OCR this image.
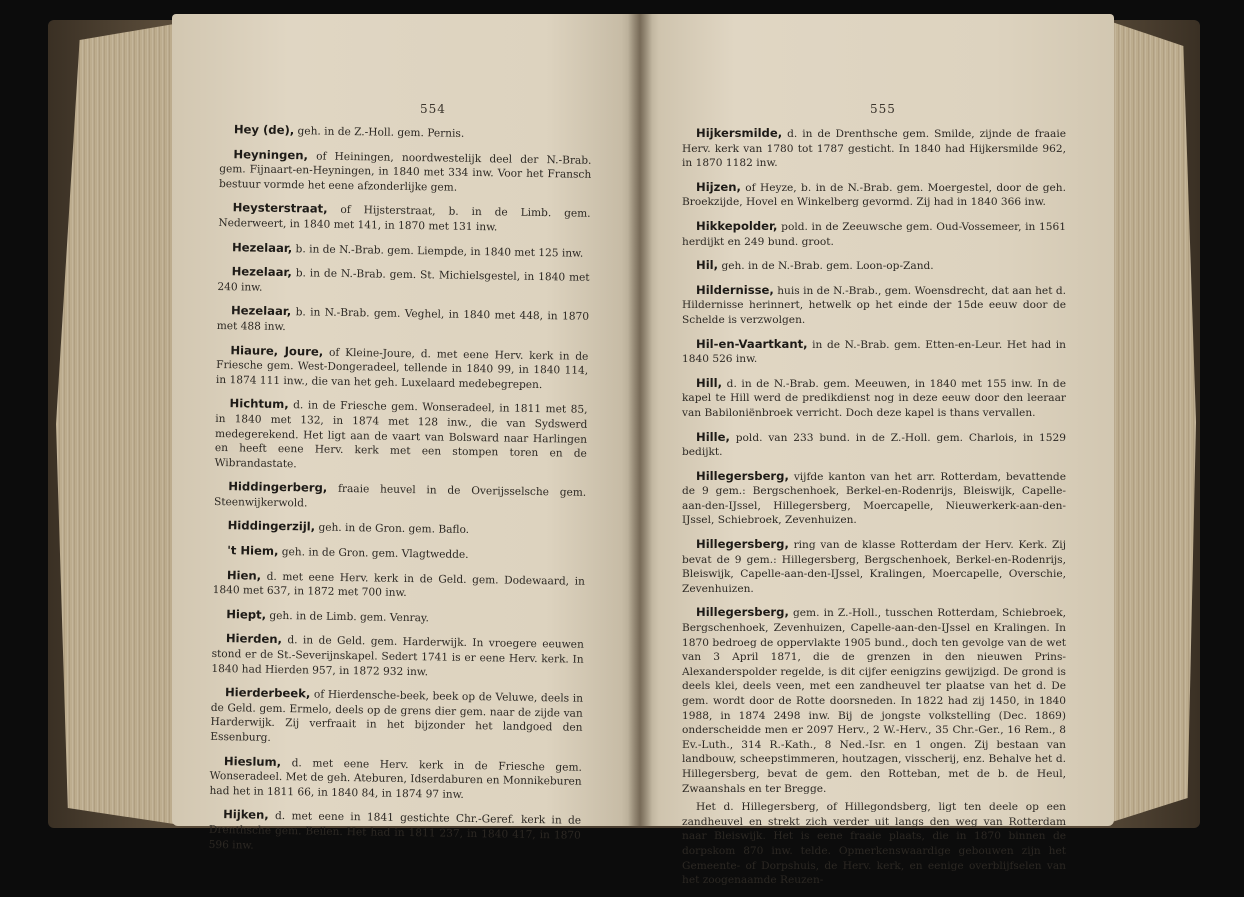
554

Hey (de), geh. in de Z.-Holl. gem. Pernis.

Heyningen, of Heiningen, noordwestelijk deel der N.-Brab. gem. Fijnaart-en-Heyningen, in 1840 met 334 inw. Voor het Fransch bestuur vormde het eene afzonderlijke gem.

Heysterstraat, of Hijsterstraat, b. in de Limb. gem. Nederweert, in 1840 met 141, in 1870 met 131 inw.

Hezelaar, b. in de N.-Brab. gem. Liempde, in 1840 met 125 inw.

Hezelaar, b. in de N.-Brab. gem. St. Michielsgestel, in 1840 met 240 inw.

Hezelaar, b. in N.-Brab. gem. Veghel, in 1840 met 448, in 1870 met 488 inw.

Hiaure, Joure, of Kleine-Joure, d. met eene Herv. kerk in de Friesche gem. West-Dongeradeel, tellende in 1840 99, in 1840 114, in 1874 111 inw., die van het geh. Luxelaard medebegrepen.

Hichtum, d. in de Friesche gem. Wonseradeel, in 1811 met 85, in 1840 met 132, in 1874 met 128 inw., die van Sydswerd medegerekend. Het ligt aan de vaart van Bolsward naar Harlingen en heeft eene Herv. kerk met een stompen toren en de Wibrandastate.

Hiddingerberg, fraaie heuvel in de Overijsselsche gem. Steenwijkerwold.

Hiddingerzijl, geh. in de Gron. gem. Baflo.

't Hiem, geh. in de Gron. gem. Vlagtwedde.

Hien, d. met eene Herv. kerk in de Geld. gem. Dodewaard, in 1840 met 637, in 1872 met 700 inw.

Hiept, geh. in de Limb. gem. Venray.

Hierden, d. in de Geld. gem. Harderwijk. In vroegere eeuwen stond er de St.-Severijnskapel. Sedert 1741 is er eene Herv. kerk. In 1840 had Hierden 957, in 1872 932 inw.

Hierderbeek, of Hierdensche-beek, beek op de Veluwe, deels in de Geld. gem. Ermelo, deels op de grens dier gem. naar de zijde van Harderwijk. Zij verfraait in het bijzonder het landgoed den Essenburg.

Hieslum, d. met eene Herv. kerk in de Friesche gem. Wonseradeel. Met de geh. Ateburen, Idserdaburen en Monnikeburen had het in 1811 66, in 1840 84, in 1874 97 inw.

Hijken, d. met eene in 1841 gestichte Chr.-Geref. kerk in de Drenthsche gem. Beilen. Het had in 1811 237, in 1840 417, in 1870 596 inw.

555

Hijkersmilde, d. in de Drenthsche gem. Smilde, zijnde de fraaie Herv. kerk van 1780 tot 1787 gesticht. In 1840 had Hijkersmilde 962, in 1870 1182 inw.

Hijzen, of Heyze, b. in de N.-Brab. gem. Moergestel, door de geh. Broekzijde, Hovel en Winkelberg gevormd. Zij had in 1840 366 inw.

Hikkepolder, pold. in de Zeeuwsche gem. Oud-Vossemeer, in 1561 herdijkt en 249 bund. groot.

Hil, geh. in de N.-Brab. gem. Loon-op-Zand.

Hildernisse, huis in de N.-Brab., gem. Woensdrecht, dat aan het d. Hildernisse herinnert, hetwelk op het einde der 15de eeuw door de Schelde is verzwolgen.

Hil-en-Vaartkant, in de N.-Brab. gem. Etten-en-Leur. Het had in 1840 526 inw.

Hill, d. in de N.-Brab. gem. Meeuwen, in 1840 met 155 inw. In de kapel te Hill werd de predikdienst nog in deze eeuw door den leeraar van Babiloniënbroek verricht. Doch deze kapel is thans vervallen.

Hille, pold. van 233 bund. in de Z.-Holl. gem. Charlois, in 1529 bedijkt.

Hillegersberg, vijfde kanton van het arr. Rotterdam, bevattende de 9 gem.: Bergschenhoek, Berkel-en-Rodenrijs, Bleiswijk, Capelle-aan-den-IJssel, Hillegersberg, Moercapelle, Nieuwerkerk-aan-den-IJssel, Schiebroek, Zevenhuizen.

Hillegersberg, ring van de klasse Rotterdam der Herv. Kerk. Zij bevat de 9 gem.: Hillegersberg, Bergschenhoek, Berkel-en-Rodenrijs, Bleiswijk, Capelle-aan-den-IJssel, Kralingen, Moercapelle, Overschie, Zevenhuizen.

Hillegersberg, gem. in Z.-Holl., tusschen Rotterdam, Schiebroek, Bergschenhoek, Zevenhuizen, Capelle-aan-den-IJssel en Kralingen. In 1870 bedroeg de oppervlakte 1905 bund., doch ten gevolge van de wet van 3 April 1871, die de grenzen in den nieuwen Prins-Alexanderspolder regelde, is dit cijfer eenigzins gewijzigd. De grond is deels klei, deels veen, met een zandheuvel ter plaatse van het d. De gem. wordt door de Rotte doorsneden. In 1822 had zij 1450, in 1840 1988, in 1874 2498 inw. Bij de jongste volkstelling (Dec. 1869) onderscheidde men er 2097 Herv., 2 W.-Herv., 35 Chr.-Ger., 16 Rem., 8 Ev.-Luth., 314 R.-Kath., 8 Ned.-Isr. en 1 ongen. Zij bestaan van landbouw, scheepstimmeren, houtzagen, visscherij, enz. Behalve het d. Hillegersberg, bevat de gem. den Rotteban, met de b. de Heul, Zwaanshals en ter Bregge.

Het d. Hillegersberg, of Hillegondsberg, ligt ten deele op een zandheuvel en strekt zich verder uit langs den weg van Rotterdam naar Bleiswijk. Het is eene fraaie plaats, die in 1870 binnen de dorpskom 870 inw. telde. Opmerkenswaardige gebouwen zijn het Gemeente- of Dorpshuis, de Herv. kerk, en eenige overblijfselen van het zoogenaamde Reuzen-
